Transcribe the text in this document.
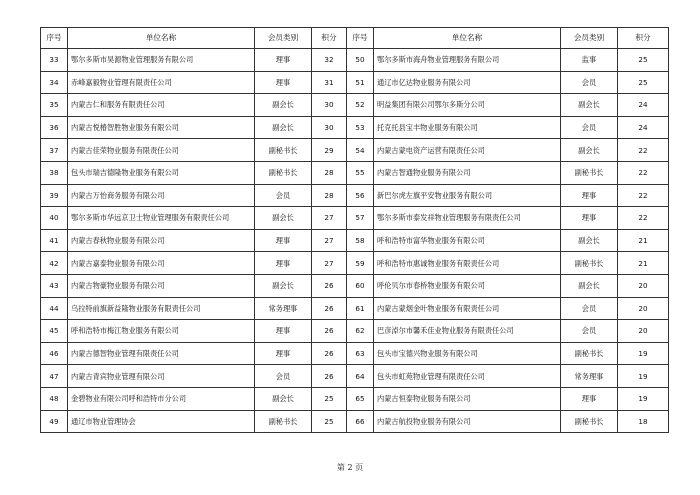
序号	单位名称	会员类别	积分	序号	单位名称	会员类别	积分
33	鄂尔多斯市昊源物业管理服务有限公司	理事	32	50	鄂尔多斯市海舟物业管理服务有限公司	监事	25
34	赤峰嘉毅物业管理有限责任公司	理事	31	51	通辽市亿达物业服务有限公司	会员	25
35	内蒙古仁和服务有限责任公司	副会长	30	52	明益集团有限公司鄂尔多斯分公司	副会长	24
36	内蒙古悦椿智胜物业服务有限公司	副会长	30	53	托克托县宝丰物业服务有限公司	会员	24
37	内蒙古佳荣物业服务有限责任公司	副秘书长	29	54	内蒙古蒙电资产运营有限责任公司	副会长	22
38	包头市瑞吉德隆物业服务有限公司	副秘书长	28	55	内蒙古智通物业服务有限公司	副秘书长	22
39	内蒙古万怡商务服务有限公司	会员	28	56	新巴尔虎左旗平安物业服务有限公司	理事	22
40	鄂尔多斯市华远京卫士物业管理服务有限责任公司	副会长	27	57	鄂尔多斯市泰发祥物业管理服务有限责任公司	理事	22
41	内蒙古春秋物业服务有限公司	理事	27	58	呼和浩特市富华物业服务有限公司	副会长	21
42	内蒙古嘉泰物业服务有限公司	理事	27	59	呼和浩特市惠诚物业服务有限责任公司	副秘书长	21
43	内蒙古物豪物业服务有限公司	副会长	26	60	呼伦贝尔市春桥物业服务有限公司	副会长	20
44	乌拉特前旗新益隆物业服务有限责任公司	常务理事	26	61	内蒙古蒙烟金叶物业服务有限责任公司	会员	20
45	呼和浩特市梅江物业服务有限公司	理事	26	62	巴彦淖尔市馨禾佳业物业服务有限责任公司	会员	20
46	内蒙古德智物业管理有限责任公司	理事	26	63	包头市宝德兴物业服务有限公司	副秘书长	19
47	内蒙古青宾物业管理有限公司	会员	26	64	包头市虹苑物业管理有限责任公司	常务理事	19
48	金碧物业有限公司呼和浩特市分公司	副会长	25	65	内蒙古恒泰物业服务有限公司	理事	19
49	通辽市物业管理协会	副秘书长	25	66	内蒙古航投物业服务有限公司	副秘书长	18
第 2 页
